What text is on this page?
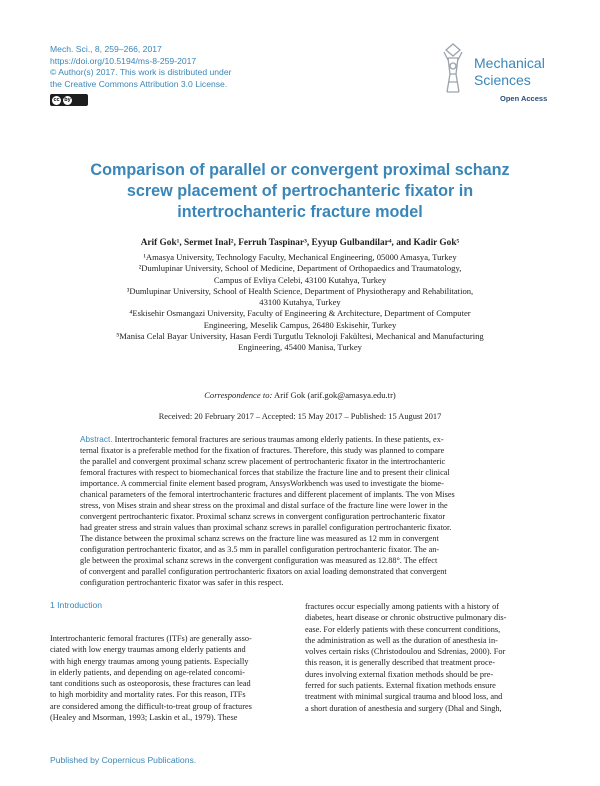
Mech. Sci., 8, 259–266, 2017
https://doi.org/10.5194/ms-8-259-2017
© Author(s) 2017. This work is distributed under
the Creative Commons Attribution 3.0 License.
cc by
Mechanical
Sciences
Open Access
Comparison of parallel or convergent proximal schanz
screw placement of pertrochanteric fixator in
intertrochanteric fracture model
Arif Gok¹, Sermet Inal², Ferruh Taspinar³, Eyyup Gulbandilar⁴, and Kadir Gok⁵
¹Amasya University, Technology Faculty, Mechanical Engineering, 05000 Amasya, Turkey
²Dumlupinar University, School of Medicine, Department of Orthopaedics and Traumatology,
Campus of Evliya Celebi, 43100 Kutahya, Turkey
³Dumlupinar University, School of Health Science, Department of Physiotherapy and Rehabilitation,
43100 Kutahya, Turkey
⁴Eskisehir Osmangazi University, Faculty of Engineering & Architecture, Department of Computer
Engineering, Meselik Campus, 26480 Eskisehir, Turkey
⁵Manisa Celal Bayar University, Hasan Ferdi Turgutlu Teknoloji Fakültesi, Mechanical and Manufacturing
Engineering, 45400 Manisa, Turkey
Correspondence to: Arif Gok (arif.gok@amasya.edu.tr)
Received: 20 February 2017 – Accepted: 15 May 2017 – Published: 15 August 2017
Abstract. Intertrochanteric femoral fractures are serious traumas among elderly patients. In these patients, ex-
ternal fixator is a preferable method for the fixation of fractures. Therefore, this study was planned to compare
the parallel and convergent proximal schanz screw placement of pertrochanteric fixator in the intertrochanteric
femoral fractures with respect to biomechanical forces that stabilize the fracture line and to present their clinical
importance. A commercial finite element based program, AnsysWorkbench was used to investigate the biome-
chanical parameters of the femoral intertrochanteric fractures and different placement of implants. The von Mises
stress, von Mises strain and shear stress on the proximal and distal surface of the fracture line were lower in the
convergent pertrochanteric fixator. Proximal schanz screws in convergent configuration pertrochanteric fixator
had greater stress and strain values than proximal schanz screws in parallel configuration pertrochanteric fixator.
The distance between the proximal schanz screws on the fracture line was measured as 12 mm in convergent
configuration pertrochanteric fixator, and as 3.5 mm in parallel configuration pertrochanteric fixator. The an-
gle between the proximal schanz screws in the convergent configuration was measured as 12.88°. The effect
of convergent and parallel configuration pertrochanteric fixators on axial loading demonstrated that convergent
configuration pertrochanteric fixator was safer in this respect.
1 Introduction
Intertrochanteric femoral fractures (ITFs) are generally asso-
ciated with low energy traumas among elderly patients and
with high energy traumas among young patients. Especially
in elderly patients, and depending on age-related concomi-
tant conditions such as osteoporosis, these fractures can lead
to high morbidity and mortality rates. For this reason, ITFs
are considered among the difficult-to-treat group of fractures
(Healey and Msorman, 1993; Laskin et al., 1979). These
fractures occur especially among patients with a history of
diabetes, heart disease or chronic obstructive pulmonary dis-
ease. For elderly patients with these concurrent conditions,
the administration as well as the duration of anesthesia in-
volves certain risks (Christodoulou and Sdrenias, 2000). For
this reason, it is generally described that treatment proce-
dures involving external fixation methods should be pre-
ferred for such patients. External fixation methods ensure
treatment with minimal surgical trauma and blood loss, and
a short duration of anesthesia and surgery (Dhal and Singh,
Published by Copernicus Publications.
